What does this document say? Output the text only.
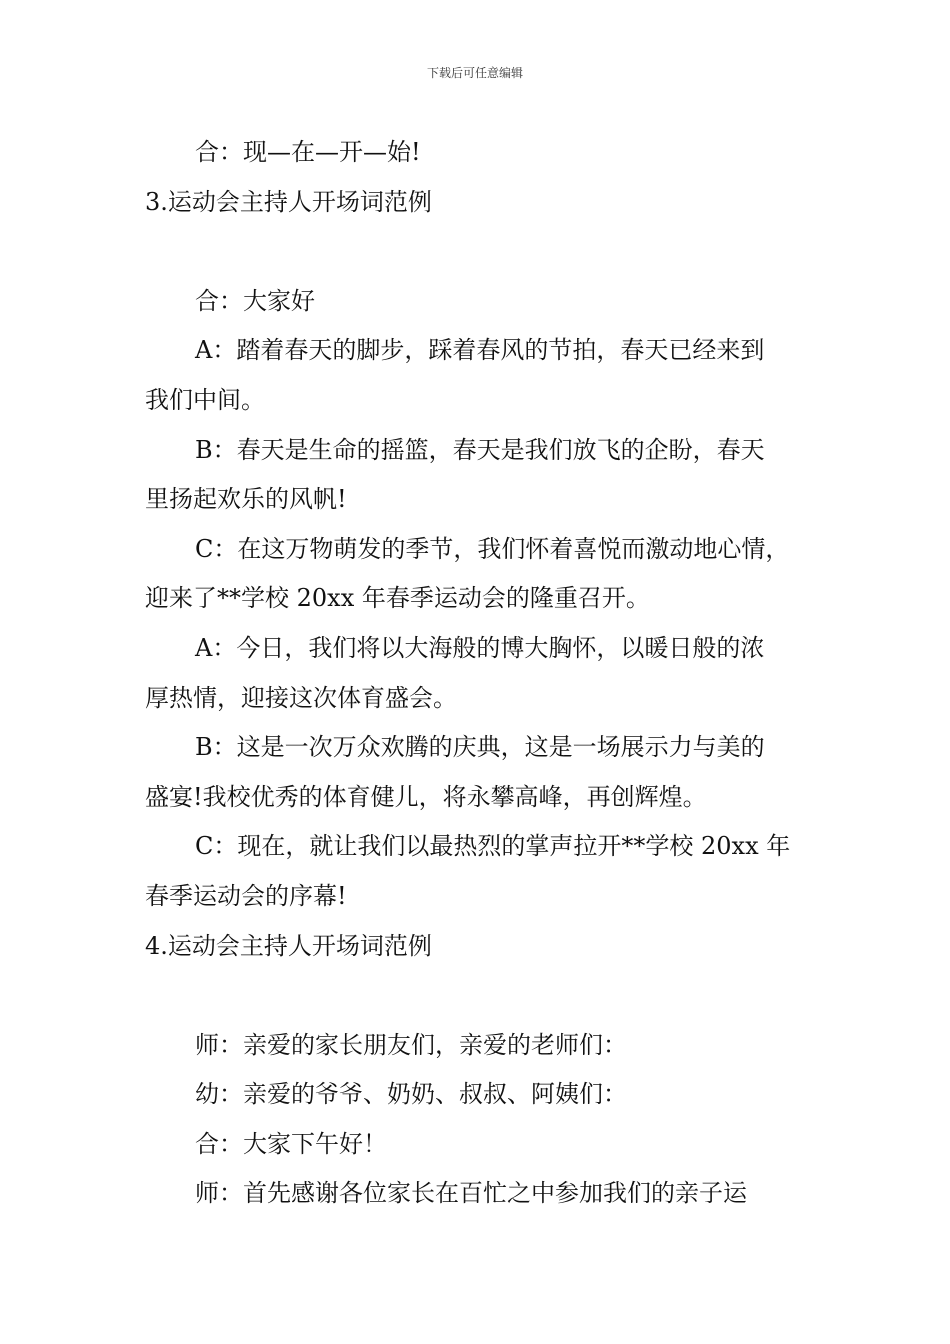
下载后可任意编辑
合：现—在—开—始!
3.运动会主持人开场词范例
合：大家好
A：踏着春天的脚步，踩着春风的节拍，春天已经来到
我们中间。
B：春天是生命的摇篮，春天是我们放飞的企盼，春天
里扬起欢乐的风帆!
C：在这万物萌发的季节，我们怀着喜悦而激动地心情，
迎来了**学校 20xx 年春季运动会的隆重召开。
A：今日，我们将以大海般的博大胸怀，以暖日般的浓
厚热情，迎接这次体育盛会。
B：这是一次万众欢腾的庆典，这是一场展示力与美的
盛宴!我校优秀的体育健儿，将永攀高峰，再创辉煌。
C：现在，就让我们以最热烈的掌声拉开**学校 20xx 年
春季运动会的序幕!
4.运动会主持人开场词范例
师：亲爱的家长朋友们，亲爱的老师们：
幼：亲爱的爷爷、奶奶、叔叔、阿姨们：
合：大家下午好！
师：首先感谢各位家长在百忙之中参加我们的亲子运
